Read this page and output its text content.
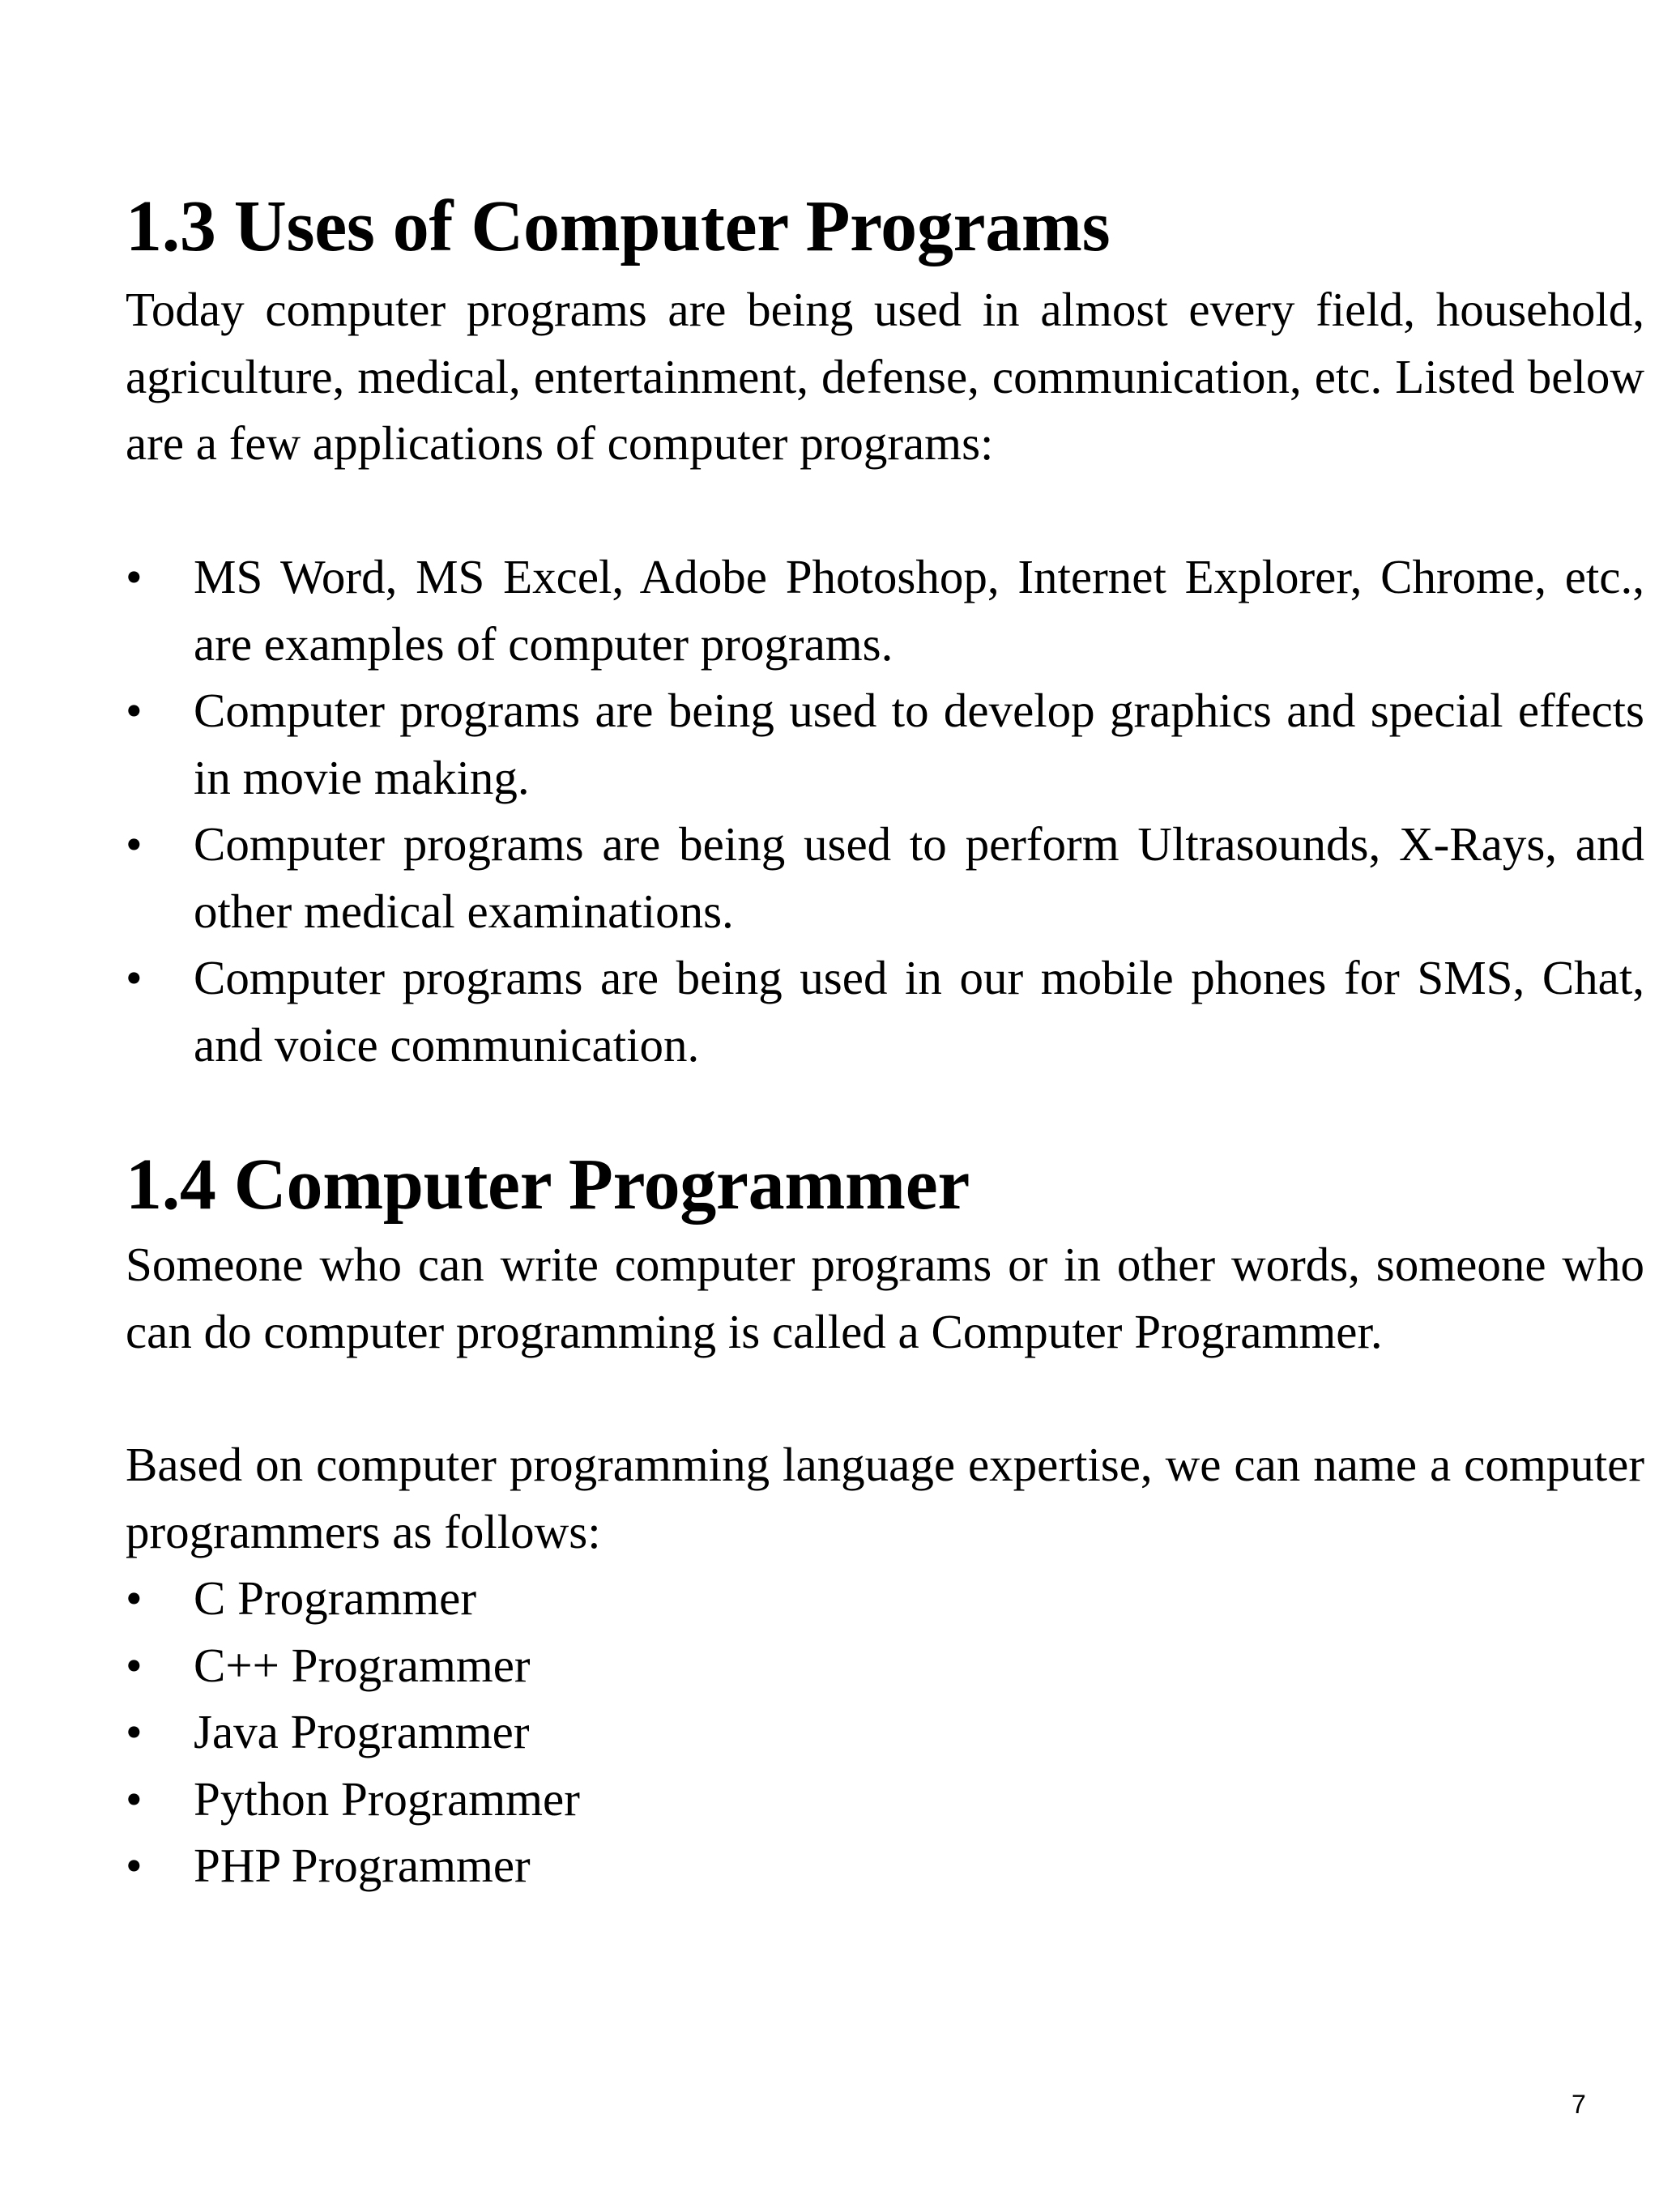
1.3 Uses of Computer Programs

Today computer programs are being used in almost every field, household, agriculture, medical, entertainment, defense, communication, etc. Listed below are a few applications of computer programs:

•	MS Word, MS Excel, Adobe Photoshop, Internet Explorer, Chrome, etc., are examples of computer programs.
•	Computer programs are being used to develop graphics and special effects in movie making.
•	Computer programs are being used to perform Ultrasounds, X-Rays, and other medical examinations.
•	Computer programs are being used in our mobile phones for SMS, Chat, and voice communication.
1.4 Computer Programmer

Someone who can write computer programs or in other words, someone who can do computer programming is called a Computer Programmer.

Based on computer programming language expertise, we can name a computer programmers as follows:

•	C Programmer
•	C++ Programmer
•	Java Programmer
•	Python Programmer
•	PHP Programmer
7
